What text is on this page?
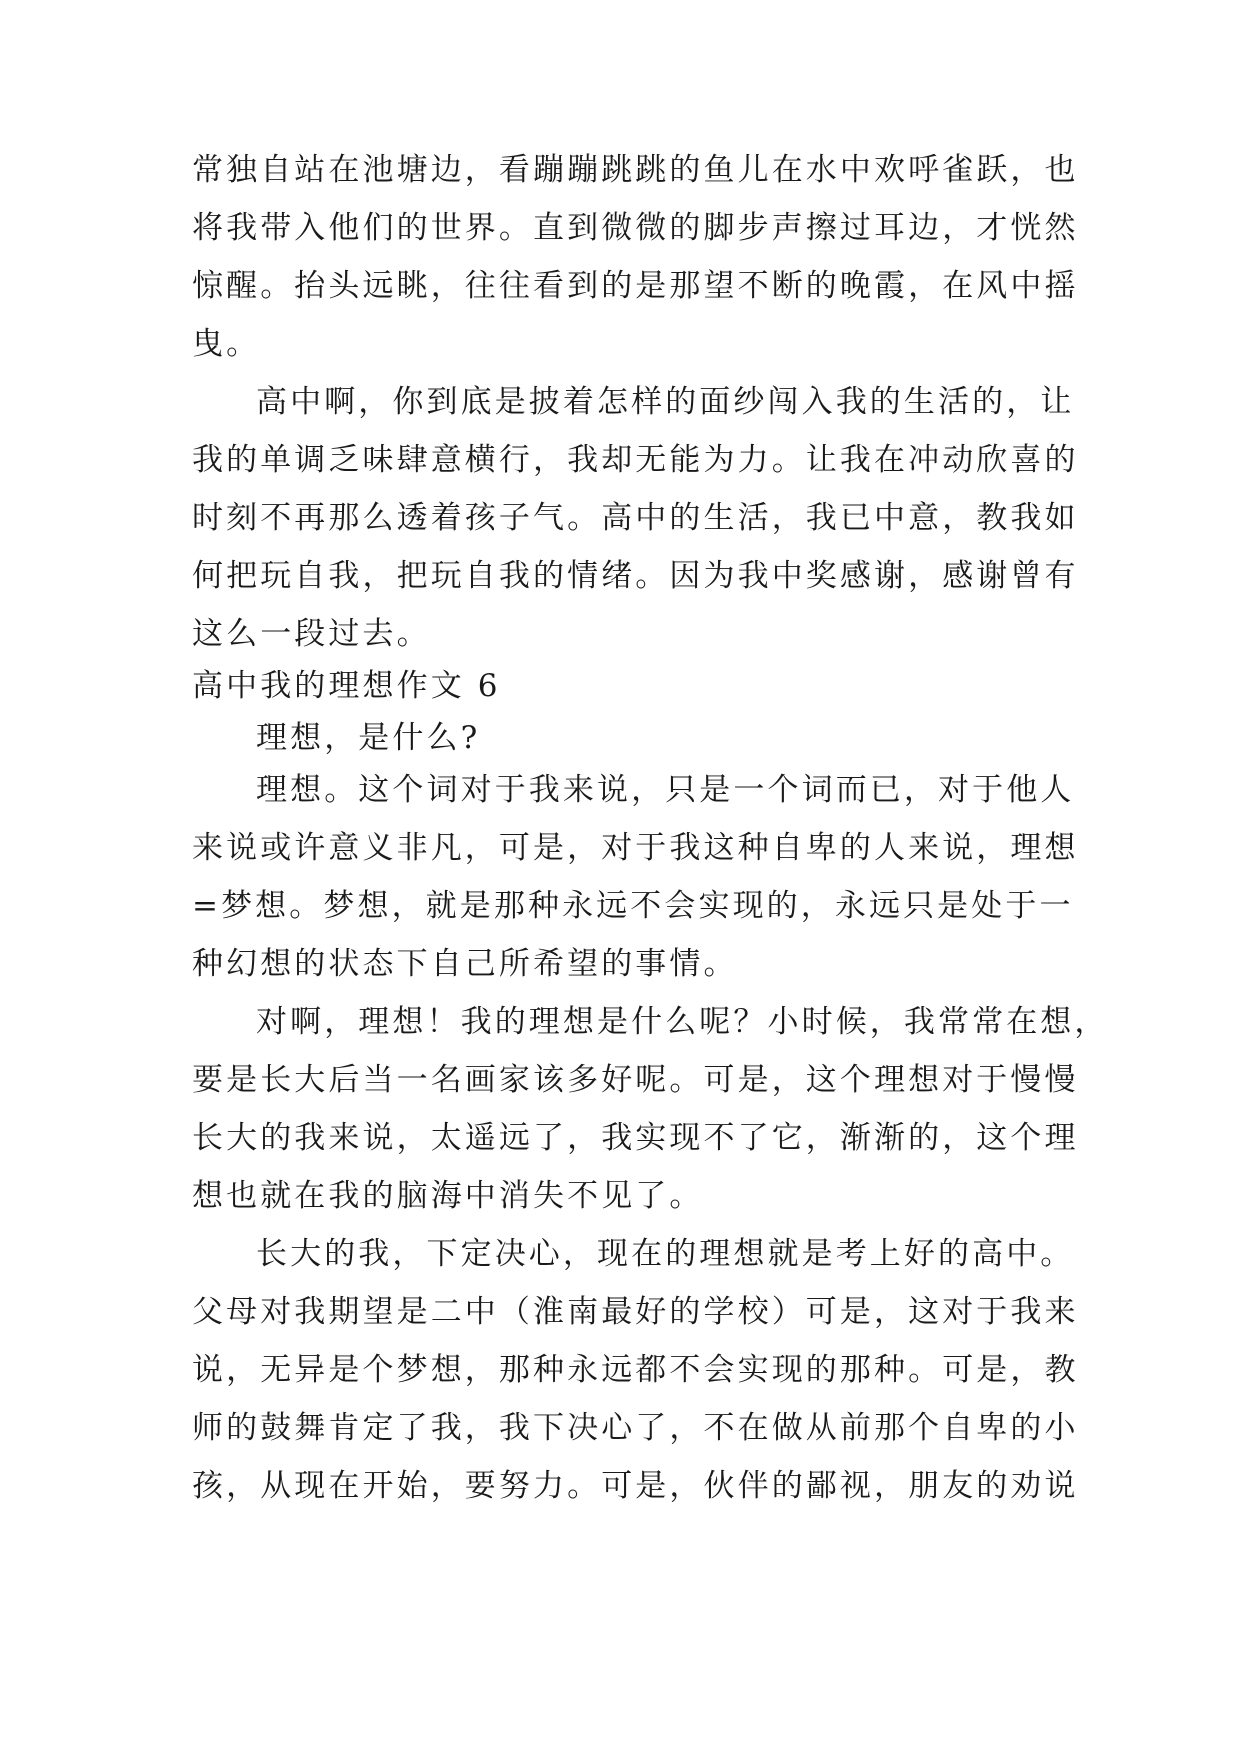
常独自站在池塘边，看蹦蹦跳跳的鱼儿在水中欢呼雀跃，也
将我带入他们的世界。直到微微的脚步声擦过耳边，才恍然
惊醒。抬头远眺，往往看到的是那望不断的晚霞，在风中摇
曳。
高中啊，你到底是披着怎样的面纱闯入我的生活的，让
我的单调乏味肆意横行，我却无能为力。让我在冲动欣喜的
时刻不再那么透着孩子气。高中的生活，我已中意，教我如
何把玩自我，把玩自我的情绪。因为我中奖感谢，感谢曾有
这么一段过去。
高中我的理想作文 6
理想，是什么?
理想。这个词对于我来说，只是一个词而已，对于他人
来说或许意义非凡，可是，对于我这种自卑的人来说，理想
=梦想。梦想，就是那种永远不会实现的，永远只是处于一
种幻想的状态下自己所希望的事情。
对啊，理想！我的理想是什么呢？小时候，我常常在想，
要是长大后当一名画家该多好呢。可是，这个理想对于慢慢
长大的我来说，太遥远了，我实现不了它，渐渐的，这个理
想也就在我的脑海中消失不见了。
长大的我，下定决心，现在的理想就是考上好的高中。
父母对我期望是二中（淮南最好的学校）可是，这对于我来
说，无异是个梦想，那种永远都不会实现的那种。可是，教
师的鼓舞肯定了我，我下决心了，不在做从前那个自卑的小
孩，从现在开始，要努力。可是，伙伴的鄙视，朋友的劝说
